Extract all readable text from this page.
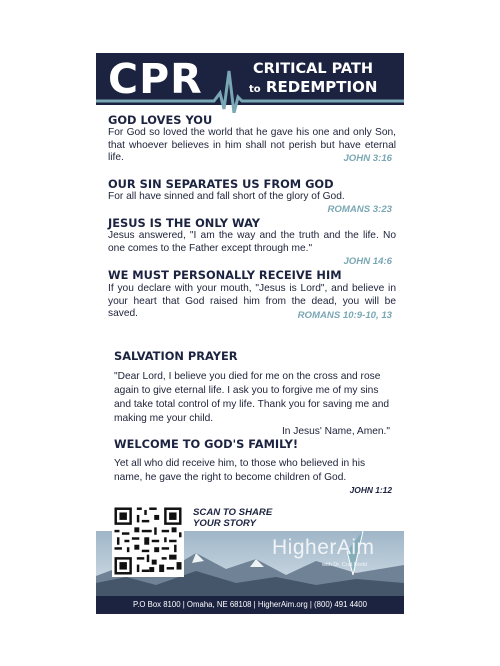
CPR	CRITICAL PATH
to REDEMPTION
GOD LOVES YOU
For God so loved the world that he gave his one and only Son, that whoever believes in him shall not perish but have eternal life.	JOHN 3:16
OUR SIN SEPARATES US FROM GOD
For all have sinned and fall short of the glory of God.
ROMANS 3:23
JESUS IS THE ONLY WAY
Jesus answered, "I am the way and the truth and the life. No one comes to the Father except through me."
JOHN 14:6
WE MUST PERSONALLY RECEIVE HIM
If you declare with your mouth, "Jesus is Lord", and believe in your heart that God raised him from the dead, you will be saved.	ROMANS 10:9-10, 13
SALVATION PRAYER
"Dear Lord, I believe you died for me on the cross and rose again to give eternal life. I ask you to forgive me of my sins and take total control of my life. Thank you for saving me and making me your child.
In Jesus' Name, Amen."
WELCOME TO GOD'S FAMILY!
Yet all who did receive him, to those who believed in his name, he gave the right to become children of God.
JOHN 1:12
SCAN TO SHARE
YOUR STORY
HigherAim
with Dr. Curt Dodd
P.O Box 8100 | Omaha, NE 68108 | HigherAim.org | (800) 491 4400
